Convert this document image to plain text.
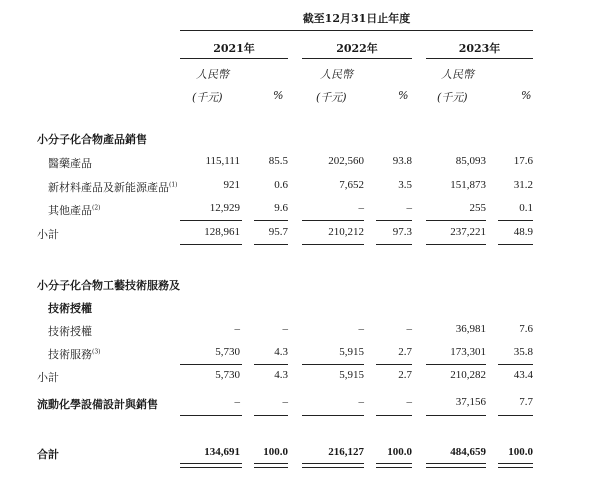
截至12月31日止年度
2021年	2022年	2023年
人民幣	人民幣	人民幣
(千元)	%	(千元)	%	(千元)	%
小分子化合物產品銷售
醫藥產品	115,111	85.5	202,560	93.8	85,093	17.6
新材料產品及新能源產品$^{(1)}$	921	0.6	7,652	3.5	151,873	31.2
其他產品$^{(2)}$	12,929	9.6	–	–	255	0.1
小計	128,961	95.7	210,212	97.3	237,221	48.9
小分子化合物工藝技術服務及
技術授權
技術授權	–	–	–	–	36,981	7.6
技術服務$^{(3)}$	5,730	4.3	5,915	2.7	173,301	35.8
小計	5,730	4.3	5,915	2.7	210,282	43.4
流動化學設備設計與銷售	–	–	–	–	37,156	7.7
合計	134,691	100.0	216,127	100.0	484,659	100.0
